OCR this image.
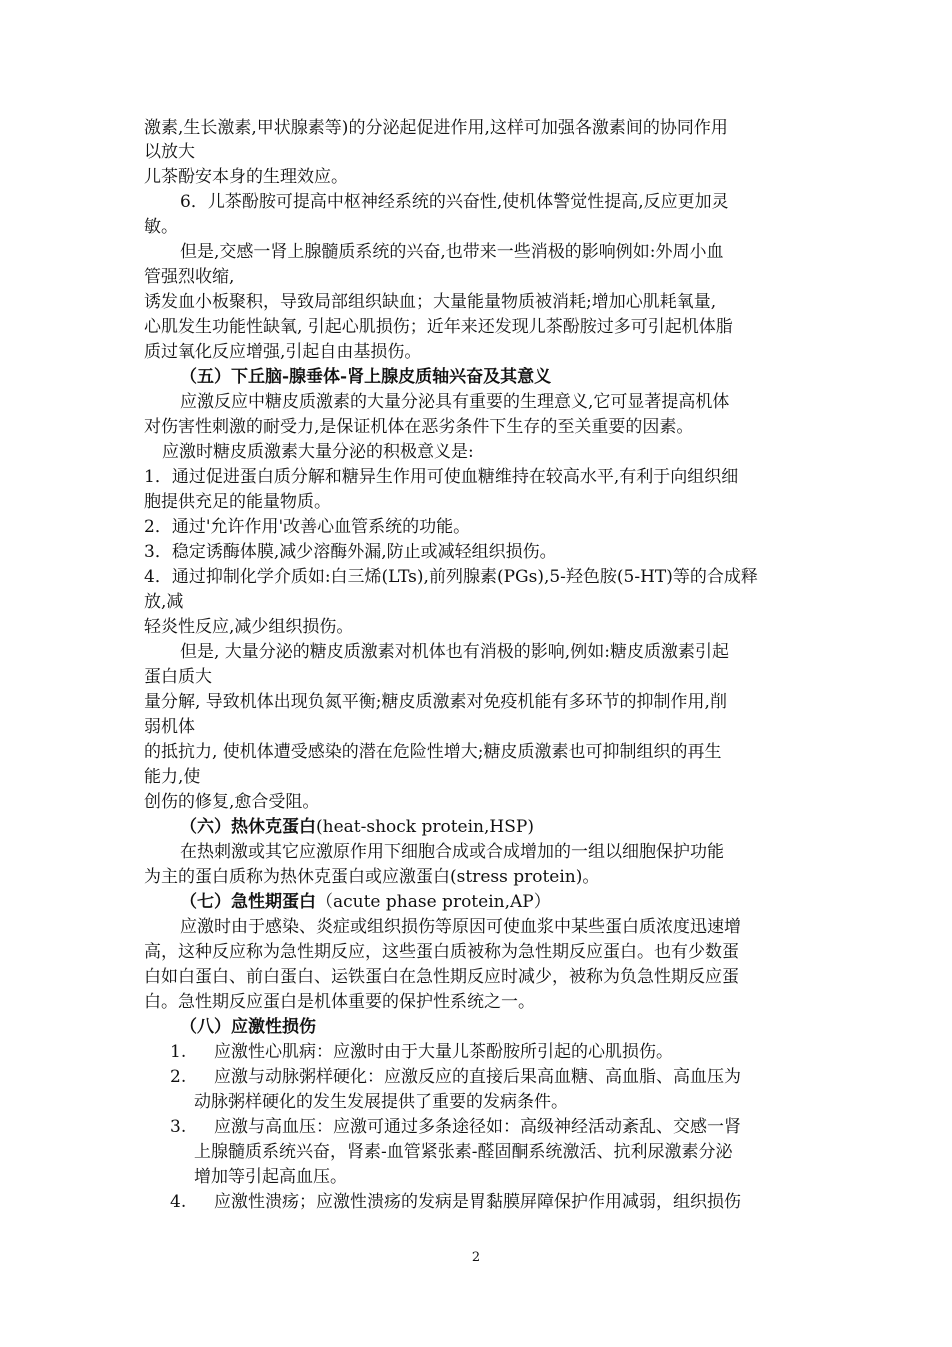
激素,生长激素,甲状腺素等)的分泌起促进作用,这样可加强各激素间的协同作用
以放大
儿茶酚安本身的生理效应。
6．儿茶酚胺可提高中枢神经系统的兴奋性,使机体警觉性提高,反应更加灵
敏。
但是,交感一肾上腺髓质系统的兴奋,也带来一些消极的影响例如:外周小血
管强烈收缩,
诱发血小板聚积，导致局部组织缺血；大量能量物质被消耗;增加心肌耗氧量,
心肌发生功能性缺氧, 引起心肌损伤；近年来还发现儿茶酚胺过多可引起机体脂
质过氧化反应增强,引起自由基损伤。
（五）下丘脑-腺垂体-肾上腺皮质轴兴奋及其意义
应激反应中糖皮质激素的大量分泌具有重要的生理意义,它可显著提高机体
对伤害性刺激的耐受力,是保证机体在恶劣条件下生存的至关重要的因素。
应激时糖皮质激素大量分泌的积极意义是:
1．通过促进蛋白质分解和糖异生作用可使血糖维持在较高水平,有利于向组织细
胞提供充足的能量物质。
2．通过'允许作用'改善心血管系统的功能。
3．稳定诱酶体膜,减少溶酶外漏,防止或减轻组织损伤。
4．通过抑制化学介质如:白三烯(LTs),前列腺素(PGs),5-羟色胺(5-HT)等的合成释
放,减
轻炎性反应,减少组织损伤。
但是, 大量分泌的糖皮质激素对机体也有消极的影响,例如:糖皮质激素引起
蛋白质大
量分解, 导致机体出现负氮平衡;糖皮质激素对免疫机能有多环节的抑制作用,削
弱机体
的抵抗力, 使机体遭受感染的潜在危险性增大;糖皮质激素也可抑制组织的再生
能力,使
创伤的修复,愈合受阻。
（六）热休克蛋白(heat-shock protein,HSP)
在热刺激或其它应激原作用下细胞合成或合成增加的一组以细胞保护功能
为主的蛋白质称为热休克蛋白或应激蛋白(stress protein)。
（七）急性期蛋白（acute phase protein,AP）
应激时由于感染、炎症或组织损伤等原因可使血浆中某些蛋白质浓度迅速增
高，这种反应称为急性期反应，这些蛋白质被称为急性期反应蛋白。也有少数蛋
白如白蛋白、前白蛋白、运铁蛋白在急性期反应时减少，被称为负急性期反应蛋
白。急性期反应蛋白是机体重要的保护性系统之一。
（八）应激性损伤
1. 应激性心肌病：应激时由于大量儿茶酚胺所引起的心肌损伤。
2. 应激与动脉粥样硬化：应激反应的直接后果高血糖、高血脂、高血压为
动脉粥样硬化的发生发展提供了重要的发病条件。
3. 应激与高血压：应激可通过多条途径如：高级神经活动紊乱、交感一肾
上腺髓质系统兴奋，肾素-血管紧张素-醛固酮系统激活、抗利尿激素分泌
增加等引起高血压。
4. 应激性溃疡；应激性溃疡的发病是胃黏膜屏障保护作用减弱，组织损伤
2
